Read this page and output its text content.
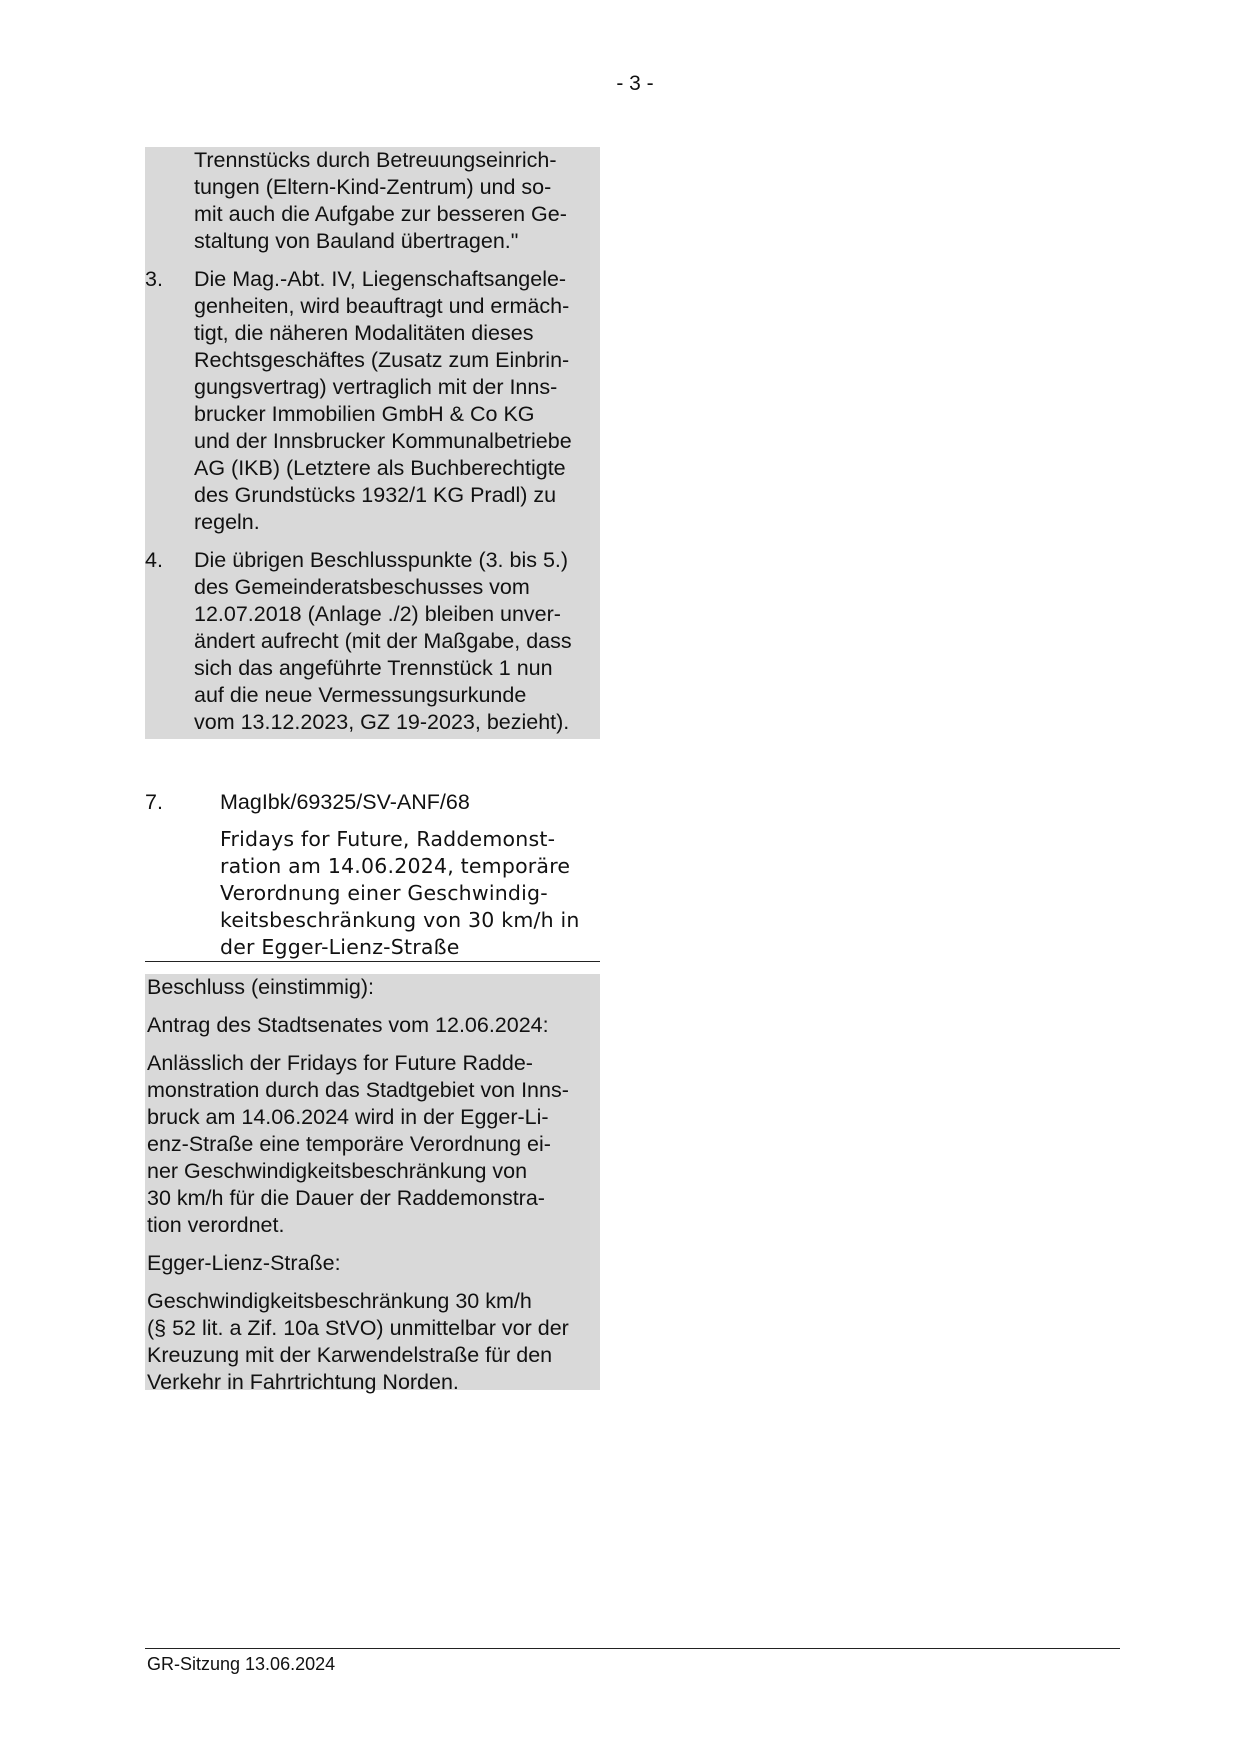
- 3 -
Trennstücks durch Betreuungseinrich-
tungen (Eltern-Kind-Zentrum) und so-
mit auch die Aufgabe zur besseren Ge-
staltung von Bauland übertragen."
3.	Die Mag.-Abt. IV, Liegenschaftsangele-
genheiten, wird beauftragt und ermäch-
tigt, die näheren Modalitäten dieses
Rechtsgeschäftes (Zusatz zum Einbrin-
gungsvertrag) vertraglich mit der Inns-
brucker Immobilien GmbH & Co KG
und der Innsbrucker Kommunalbetriebe
AG (IKB) (Letztere als Buchberechtigte
des Grundstücks 1932/1 KG Pradl) zu
regeln.
4.	Die übrigen Beschlusspunkte (3. bis 5.)
des Gemeinderatsbeschusses vom
12.07.2018 (Anlage ./2) bleiben unver-
ändert aufrecht (mit der Maßgabe, dass
sich das angeführte Trennstück 1 nun
auf die neue Vermessungsurkunde
vom 13.12.2023, GZ 19-2023, bezieht).
7.	MagIbk/69325/SV-ANF/68
Fridays for Future, Raddemonst-
ration am 14.06.2024, temporäre
Verordnung einer Geschwindig-
keitsbeschränkung von 30 km/h in
der Egger-Lienz-Straße

Beschluss (einstimmig):

Antrag des Stadtsenates vom 12.06.2024:

Anlässlich der Fridays for Future Radde-
monstration durch das Stadtgebiet von Inns-
bruck am 14.06.2024 wird in der Egger-Li-
enz-Straße eine temporäre Verordnung ei-
ner Geschwindigkeitsbeschränkung von
30 km/h für die Dauer der Raddemonstra-
tion verordnet.

Egger-Lienz-Straße:

Geschwindigkeitsbeschränkung 30 km/h
(§ 52 lit. a Zif. 10a StVO) unmittelbar vor der
Kreuzung mit der Karwendelstraße für den
Verkehr in Fahrtrichtung Norden.

GR-Sitzung 13.06.2024
